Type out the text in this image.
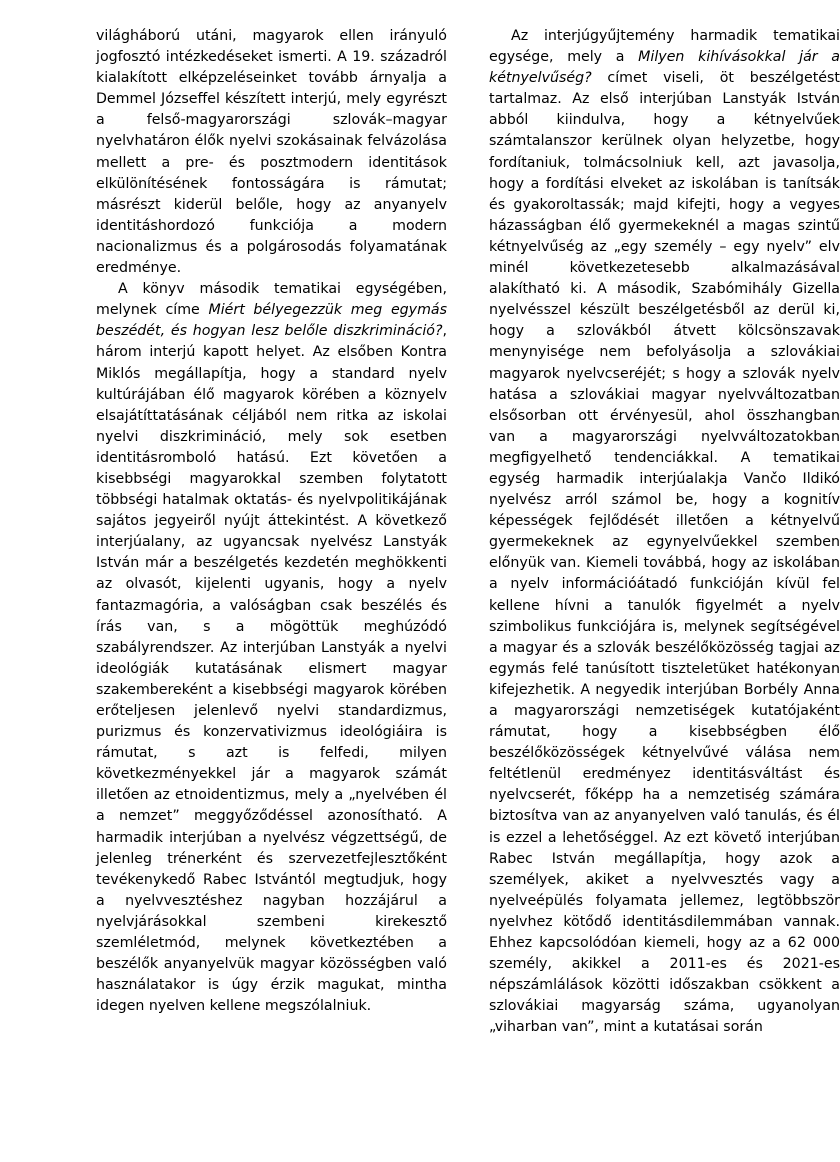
világháború utáni, magyarok ellen irányuló jogfosztó intézkedéseket ismerti. A 19. századról kialakított elképzeléseinket tovább árnyalja a Demmel Józseffel készített interjú, mely egyrészt a felső-magyarországi szlovák–magyar nyelvhatáron élők nyelvi szokásainak felvázolása mellett a pre- és posztmodern identitások elkülönítésének fontosságára is rámutat; másrészt kiderül belőle, hogy az anyanyelv identitáshordozó funkciója a modern nacionalizmus és a polgárosodás folyamatának eredménye.

A könyv második tematikai egységében, melynek címe Miért bélyegezzük meg egymás beszédét, és hogyan lesz belőle diszkrimináció?, három interjú kapott helyet. Az elsőben Kontra Miklós megállapítja, hogy a standard nyelv kultúrájában élő magyarok körében a köznyelv elsajátíttatásának céljából nem ritka az iskolai nyelvi diszkrimináció, mely sok esetben identitásromboló hatású. Ezt követően a kisebbségi magyarokkal szemben folytatott többségi hatalmak oktatás- és nyelvpolitikájának sajátos jegyeiről nyújt áttekintést. A következő interjúalany, az ugyancsak nyelvész Lanstyák István már a beszélgetés kezdetén meghökkenti az olvasót, kijelenti ugyanis, hogy a nyelv fantazmagória, a valóságban csak beszélés és írás van, s a mögöttük meghúzódó szabályrendszer. Az interjúban Lanstyák a nyelvi ideológiák kutatásának elismert magyar szakembereként a kisebbségi magyarok körében erőteljesen jelenlevő nyelvi standardizmus, purizmus és konzervativizmus ideológiáira is rámutat, s azt is felfedi, milyen következményekkel jár a magyarok számát illetően az etnoidentizmus, mely a „nyelvében él a nemzet” meggyőződéssel azonosítható. A harmadik interjúban a nyelvész végzettségű, de jelenleg trénerként és szervezetfejlesztőként tevékenykedő Rabec Istvántól megtudjuk, hogy a nyelvvesztéshez nagyban hozzájárul a nyelvjárásokkal szembeni kirekesztő szemléletmód, melynek következtében a beszélők anyanyelvük magyar közösségben való használatakor is úgy érzik magukat, mintha idegen nyelven kellene megszólalniuk.

Az interjúgyűjtemény harmadik tematikai egysége, mely a Milyen kihívásokkal jár a kétnyelvűség? címet viseli, öt beszélgetést tartalmaz. Az első interjúban Lanstyák István abból kiindulva, hogy a kétnyelvűek számtalanszor kerülnek olyan helyzetbe, hogy fordítaniuk, tolmácsolniuk kell, azt javasolja, hogy a fordítási elveket az iskolában is tanítsák és gyakoroltassák; majd kifejti, hogy a vegyes házasságban élő gyermekeknél a magas szintű kétnyelvűség az „egy személy – egy nyelv” elv minél következetesebb alkalmazásával alakítható ki. A második, Szabómihály Gizella nyelvésszel készült beszélgetésből az derül ki, hogy a szlovákból átvett kölcsönszavak menynyisége nem befolyásolja a szlovákiai magyarok nyelvcseréjét; s hogy a szlovák nyelv hatása a szlovákiai magyar nyelvváltozatban elsősorban ott érvényesül, ahol összhangban van a magyarországi nyelvváltozatokban megfigyelhető tendenciákkal. A tematikai egység harmadik interjúalakja Vančo Ildikó nyelvész arról számol be, hogy a kognitív képességek fejlődését illetően a kétnyelvű gyermekeknek az egynyelvűekkel szemben előnyük van. Kiemeli továbbá, hogy az iskolában a nyelv információátadó funkcióján kívül fel kellene hívni a tanulók figyelmét a nyelv szimbolikus funkciójára is, melynek segítségével a magyar és a szlovák beszélőközösség tagjai az egymás felé tanúsított tiszteletüket hatékonyan kifejezhetik. A negyedik interjúban Borbély Anna a magyarországi nemzetiségek kutatójaként rámutat, hogy a kisebbségben élő beszélőközösségek kétnyelvűvé válása nem feltétlenül eredményez identitásváltást és nyelvcserét, főképp ha a nemzetiség számára biztosítva van az anyanyelven való tanulás, és él is ezzel a lehetőséggel. Az ezt követő interjúban Rabec István megállapítja, hogy azok a személyek, akiket a nyelvvesztés vagy a nyelveépülés folyamata jellemez, legtöbbször nyelvhez kötődő identitásdilemmában vannak. Ehhez kapcsolódóan kiemeli, hogy az a 62 000 személy, akikkel a 2011-es és 2021-es népszámlálások közötti időszakban csökkent a szlovákiai magyarság száma, ugyanolyan „viharban van”, mint a kutatásai során
